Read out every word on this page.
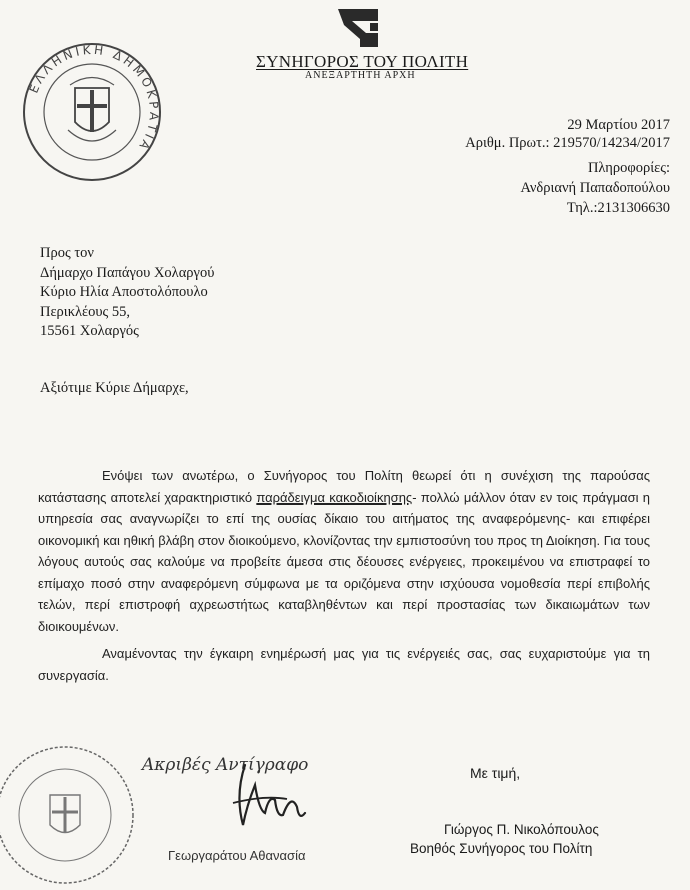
ΕΛΛΗΝΙΚΗ ΔΗΜΟΚΡΑΤΙΑ
ΣΥΝΗΓΟΡΟΣ ΤΟΥ ΠΟΛΙΤΗ
ΑΝΕΞΑΡΤΗΤΗ ΑΡΧΗ
29 Μαρτίου 2017
Αριθμ. Πρωτ.: 219570/14234/2017
Πληροφορίες:
Ανδριανή Παπαδοπούλου
Τηλ.:2131306630
Προς τον
Δήμαρχο Παπάγου Χολαργού
Κύριο Ηλία Αποστολόπουλο
Περικλέους 55,
15561 Χολαργός
Αξιότιμε Κύριε Δήμαρχε,

Ενόψει των ανωτέρω, ο Συνήγορος του Πολίτη θεωρεί ότι η συνέχιση της παρούσας κατάστασης αποτελεί χαρακτηριστικό παράδειγμα κακοδιοίκησης- πολλώ μάλλον όταν εν τοις πράγμασι η υπηρεσία σας αναγνωρίζει το επί της ουσίας δίκαιο του αιτήματος της αναφερόμενης- και επιφέρει οικονομική και ηθική βλάβη στον διοικούμενο, κλονίζοντας την εμπιστοσύνη του προς τη Διοίκηση. Για τους λόγους αυτούς σας καλούμε να προβείτε άμεσα στις δέουσες ενέργειες, προκειμένου να επιστραφεί το επίμαχο ποσό στην αναφερόμενη σύμφωνα με τα οριζόμενα στην ισχύουσα νομοθεσία περί επιβολής τελών, περί επιστροφή αχρεωστήτως καταβληθέντων και περί προστασίας των δικαιωμάτων των διοικουμένων.

Αναμένοντας την έγκαιρη ενημέρωσή μας για τις ενέργειές σας, σας ευχαριστούμε για τη συνεργασία.

Ακριβές Αντίγραφο	Με τιμή,
Γιώργος Π. Νικολόπουλος
Βοηθός Συνήγορος του Πολίτη
Γεωργαράτου Αθανασία
